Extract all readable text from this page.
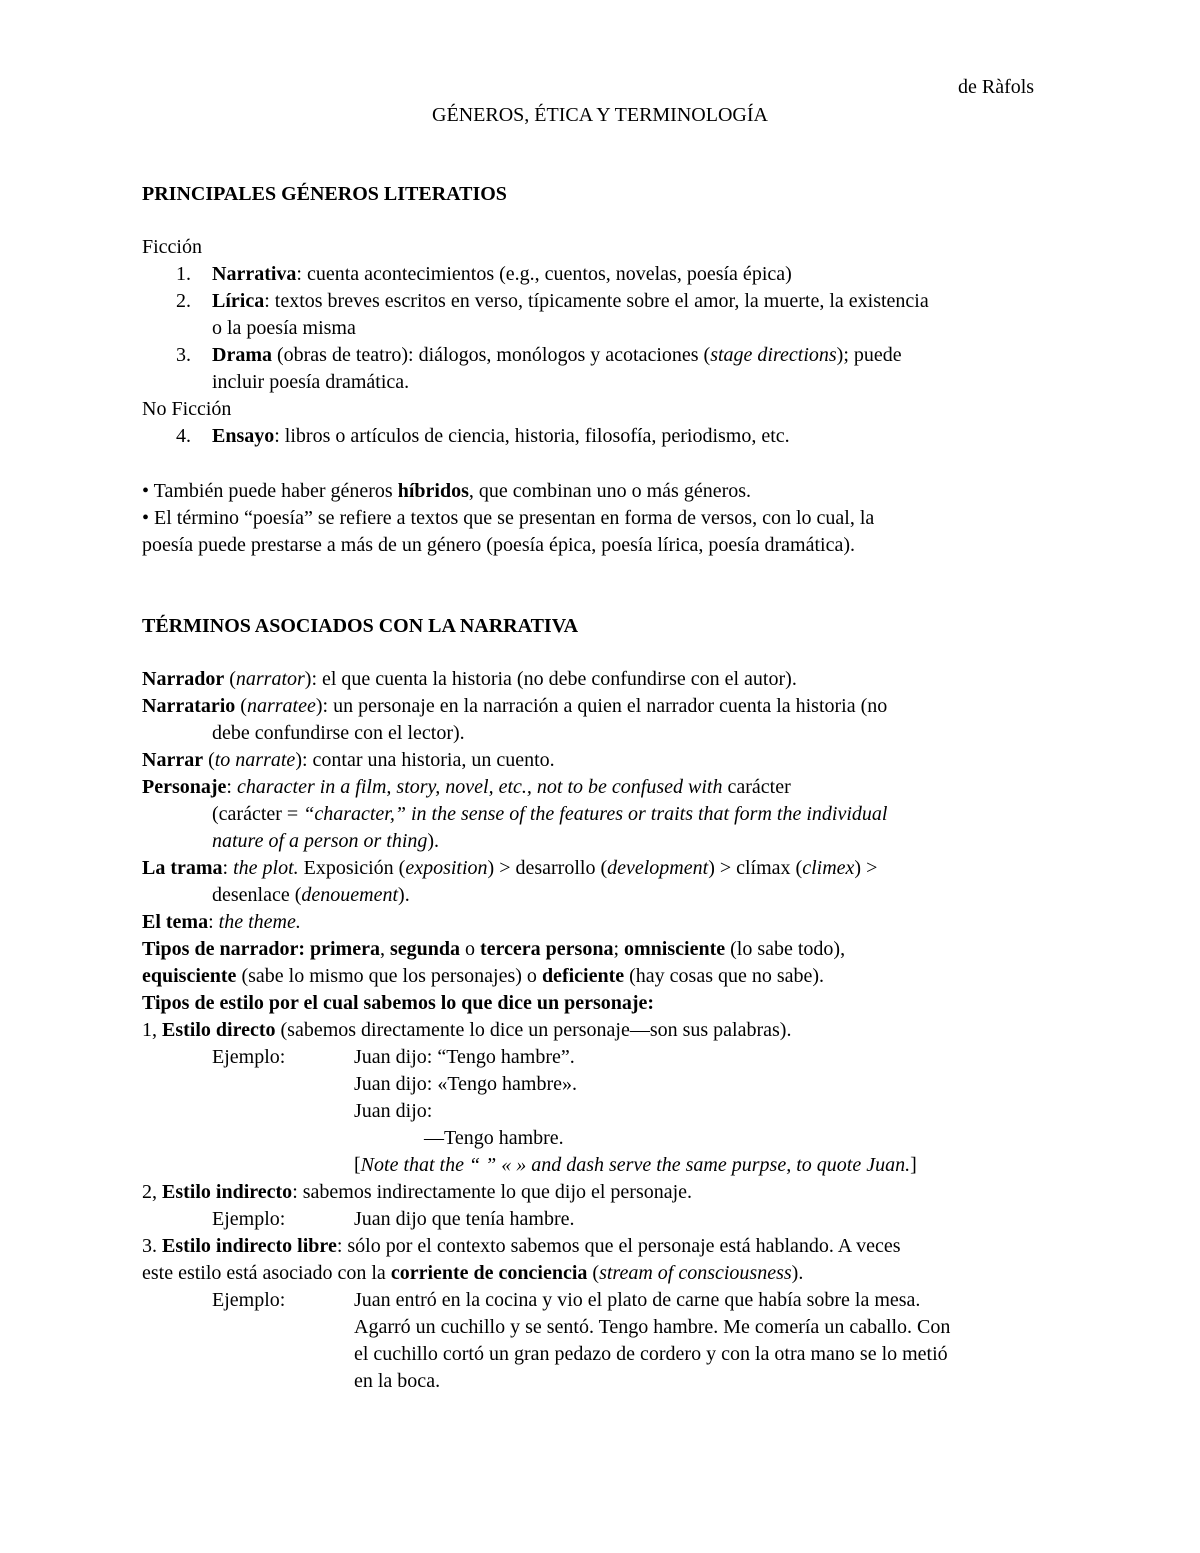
de Ràfols
GÉNEROS, ÉTICA Y TERMINOLOGÍA
PRINCIPALES GÉNEROS LITERATIOS
Ficción
1. Narrativa: cuenta acontecimientos (e.g., cuentos, novelas, poesía épica)
2. Lírica: textos breves escritos en verso, típicamente sobre el amor, la muerte, la existencia
o la poesía misma
3. Drama (obras de teatro): diálogos, monólogos y acotaciones (stage directions); puede
incluir poesía dramática.
No Ficción
4. Ensayo: libros o artículos de ciencia, historia, filosofía, periodismo, etc.
• También puede haber géneros híbridos, que combinan uno o más géneros.
• El término “poesía” se refiere a textos que se presentan en forma de versos, con lo cual, la
poesía puede prestarse a más de un género (poesía épica, poesía lírica, poesía dramática).
TÉRMINOS ASOCIADOS CON LA NARRATIVA
Narrador (narrator): el que cuenta la historia (no debe confundirse con el autor).
Narratario (narratee): un personaje en la narración a quien el narrador cuenta la historia (no
debe confundirse con el lector).
Narrar (to narrate): contar una historia, un cuento.
Personaje: character in a film, story, novel, etc., not to be confused with carácter
(carácter = “character,” in the sense of the features or traits that form the individual
nature of a person or thing).
La trama: the plot. Exposición (exposition) > desarrollo (development) > clímax (climex) >
desenlace (denouement).
El tema: the theme.
Tipos de narrador: primera, segunda o tercera persona; omnisciente (lo sabe todo),
equisciente (sabe lo mismo que los personajes) o deficiente (hay cosas que no sabe).
Tipos de estilo por el cual sabemos lo que dice un personaje:
1, Estilo directo (sabemos directamente lo dice un personaje—son sus palabras).
Ejemplo:	Juan dijo: “Tengo hambre”.
Juan dijo: «Tengo hambre».
Juan dijo:
—Tengo hambre.
[Note that the “ ” « » and dash serve the same purpse, to quote Juan.]
2, Estilo indirecto: sabemos indirectamente lo que dijo el personaje.
Ejemplo:	Juan dijo que tenía hambre.
3. Estilo indirecto libre: sólo por el contexto sabemos que el personaje está hablando. A veces
este estilo está asociado con la corriente de conciencia (stream of consciousness).
Ejemplo:	Juan entró en la cocina y vio el plato de carne que había sobre la mesa.
Agarró un cuchillo y se sentó. Tengo hambre. Me comería un caballo. Con
el cuchillo cortó un gran pedazo de cordero y con la otra mano se lo metió
en la boca.
